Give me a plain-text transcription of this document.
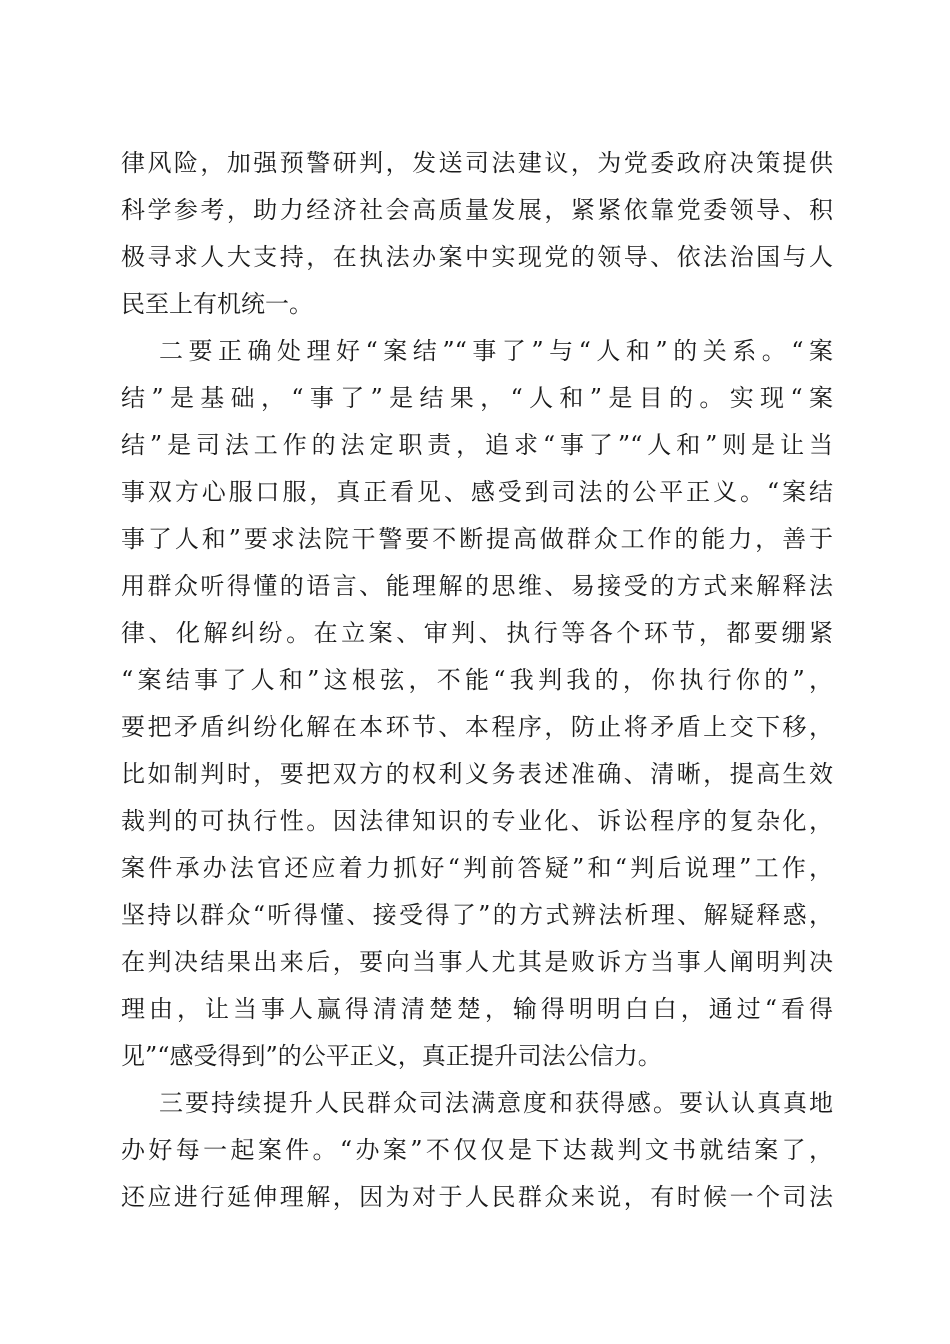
律风险，加强预警研判，发送司法建议，为党委政府决策提供
科学参考，助力经济社会高质量发展，紧紧依靠党委领导、积
极寻求人大支持，在执法办案中实现党的领导、依法治国与人
民至上有机统一。
二要正确处理好“案结”“事了”与“人和”的关系。“案
结”是基础，“事了”是结果，“人和”是目的。实现“案
结”是司法工作的法定职责，追求“事了”“人和”则是让当
事双方心服口服，真正看见、感受到司法的公平正义。“案结
事了人和”要求法院干警要不断提高做群众工作的能力，善于
用群众听得懂的语言、能理解的思维、易接受的方式来解释法
律、化解纠纷。在立案、审判、执行等各个环节，都要绷紧
“案结事了人和”这根弦，不能“我判我的，你执行你的”，
要把矛盾纠纷化解在本环节、本程序，防止将矛盾上交下移，
比如制判时，要把双方的权利义务表述准确、清晰，提高生效
裁判的可执行性。因法律知识的专业化、诉讼程序的复杂化，
案件承办法官还应着力抓好“判前答疑”和“判后说理”工作，
坚持以群众“听得懂、接受得了”的方式辨法析理、解疑释惑，
在判决结果出来后，要向当事人尤其是败诉方当事人阐明判决
理由，让当事人赢得清清楚楚，输得明明白白，通过“看得
见”“感受得到”的公平正义，真正提升司法公信力。
三要持续提升人民群众司法满意度和获得感。要认认真真地
办好每一起案件。“办案”不仅仅是下达裁判文书就结案了，
还应进行延伸理解，因为对于人民群众来说，有时候一个司法
